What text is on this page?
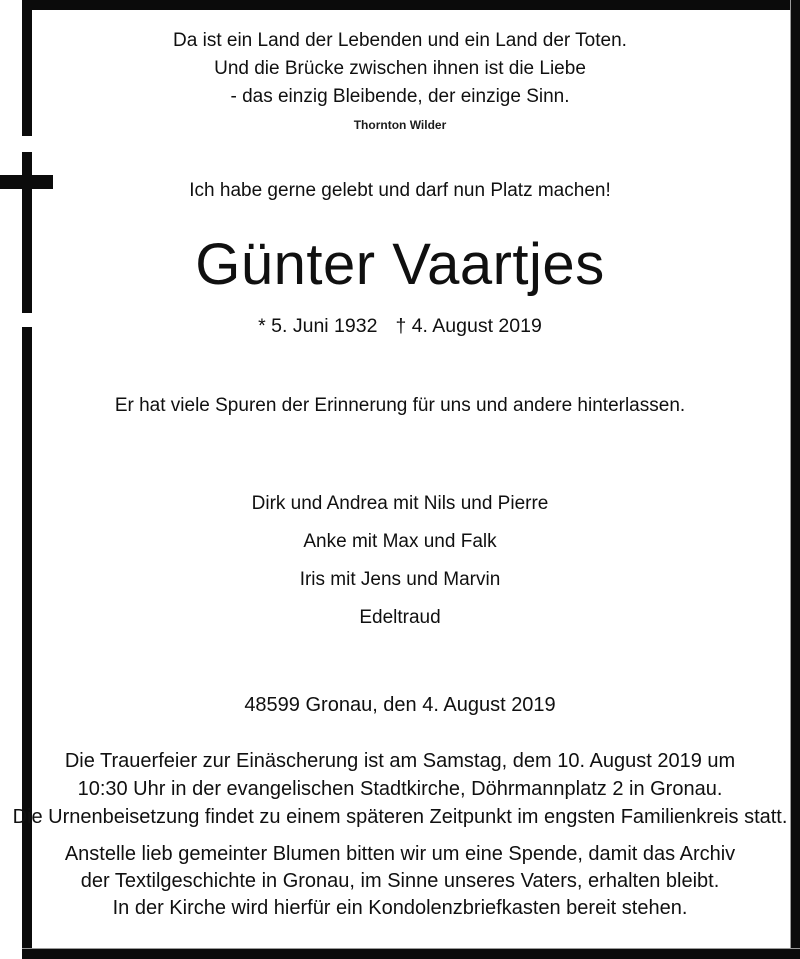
Da ist ein Land der Lebenden und ein Land der Toten.
Und die Brücke zwischen ihnen ist die Liebe
- das einzig Bleibende, der einzige Sinn.
Thornton Wilder
Ich habe gerne gelebt und darf nun Platz machen!
Günter Vaartjes
* 5. Juni 1932 † 4. August 2019
Er hat viele Spuren der Erinnerung für uns und andere hinterlassen.
Dirk und Andrea mit Nils und Pierre
Anke mit Max und Falk
Iris mit Jens und Marvin
Edeltraud
48599 Gronau, den 4. August 2019
Die Trauerfeier zur Einäscherung ist am Samstag, dem 10. August 2019 um
10:30 Uhr in der evangelischen Stadtkirche, Döhrmannplatz 2 in Gronau.
Die Urnenbeisetzung findet zu einem späteren Zeitpunkt im engsten Familienkreis statt.
Anstelle lieb gemeinter Blumen bitten wir um eine Spende, damit das Archiv
der Textilgeschichte in Gronau, im Sinne unseres Vaters, erhalten bleibt.
In der Kirche wird hierfür ein Kondolenzbriefkasten bereit stehen.
